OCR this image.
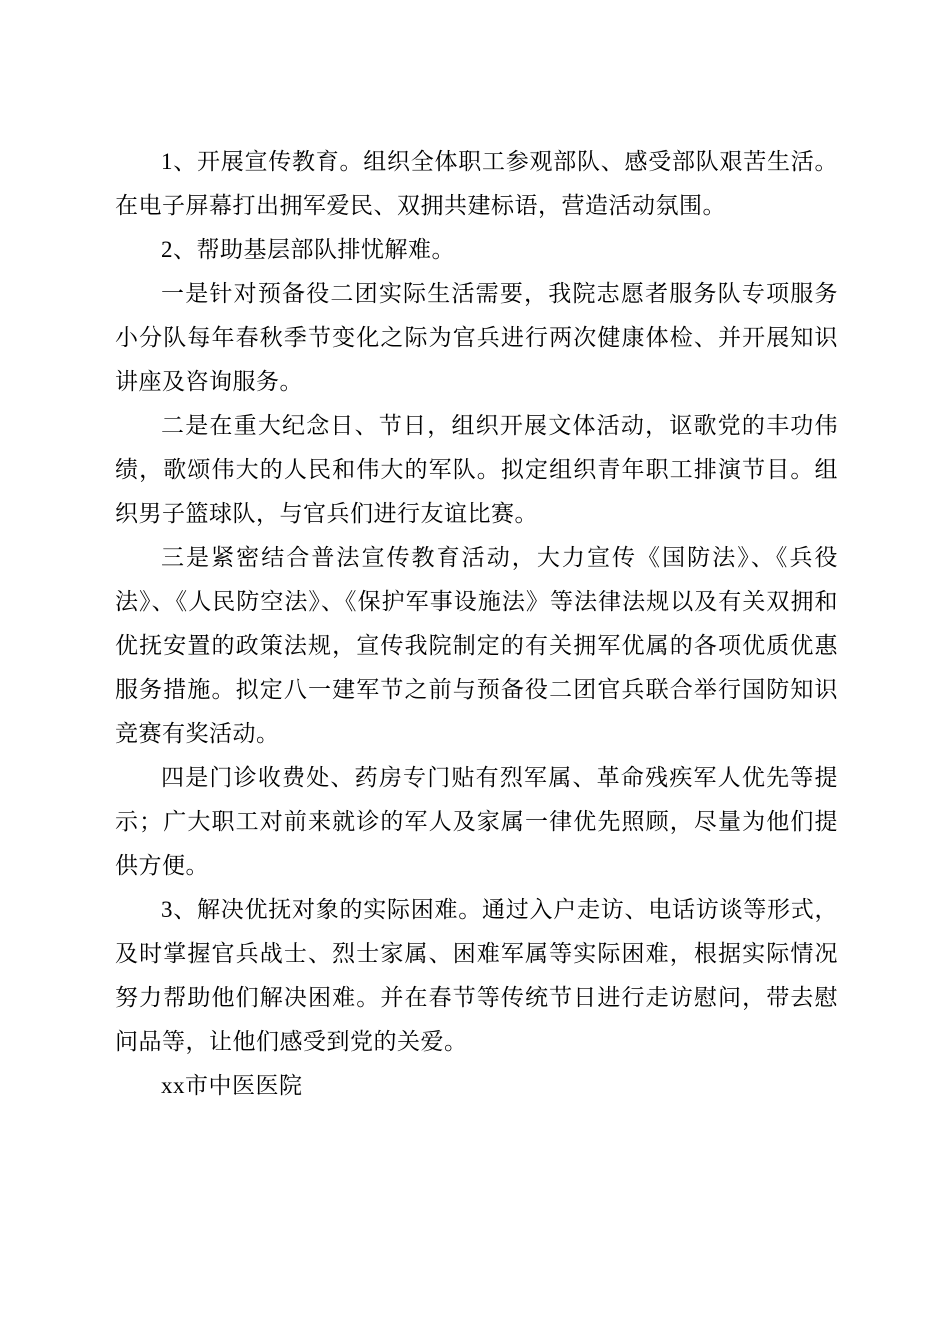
1、开展宣传教育。组织全体职工参观部队、感受部队艰苦生活。在电子屏幕打出拥军爱民、双拥共建标语，营造活动氛围。

2、帮助基层部队排忧解难。

一是针对预备役二团实际生活需要，我院志愿者服务队专项服务小分队每年春秋季节变化之际为官兵进行两次健康体检、并开展知识讲座及咨询服务。

二是在重大纪念日、节日，组织开展文体活动，讴歌党的丰功伟绩，歌颂伟大的人民和伟大的军队。拟定组织青年职工排演节目。组织男子篮球队，与官兵们进行友谊比赛。

三是紧密结合普法宣传教育活动，大力宣传《国防法》、《兵役法》、《人民防空法》、《保护军事设施法》等法律法规以及有关双拥和优抚安置的政策法规，宣传我院制定的有关拥军优属的各项优质优惠服务措施。拟定八一建军节之前与预备役二团官兵联合举行国防知识竞赛有奖活动。

四是门诊收费处、药房专门贴有烈军属、革命残疾军人优先等提示；广大职工对前来就诊的军人及家属一律优先照顾，尽量为他们提供方便。

3、解决优抚对象的实际困难。通过入户走访、电话访谈等形式，及时掌握官兵战士、烈士家属、困难军属等实际困难，根据实际情况努力帮助他们解决困难。并在春节等传统节日进行走访慰问，带去慰问品等，让他们感受到党的关爱。

xx市中医医院
